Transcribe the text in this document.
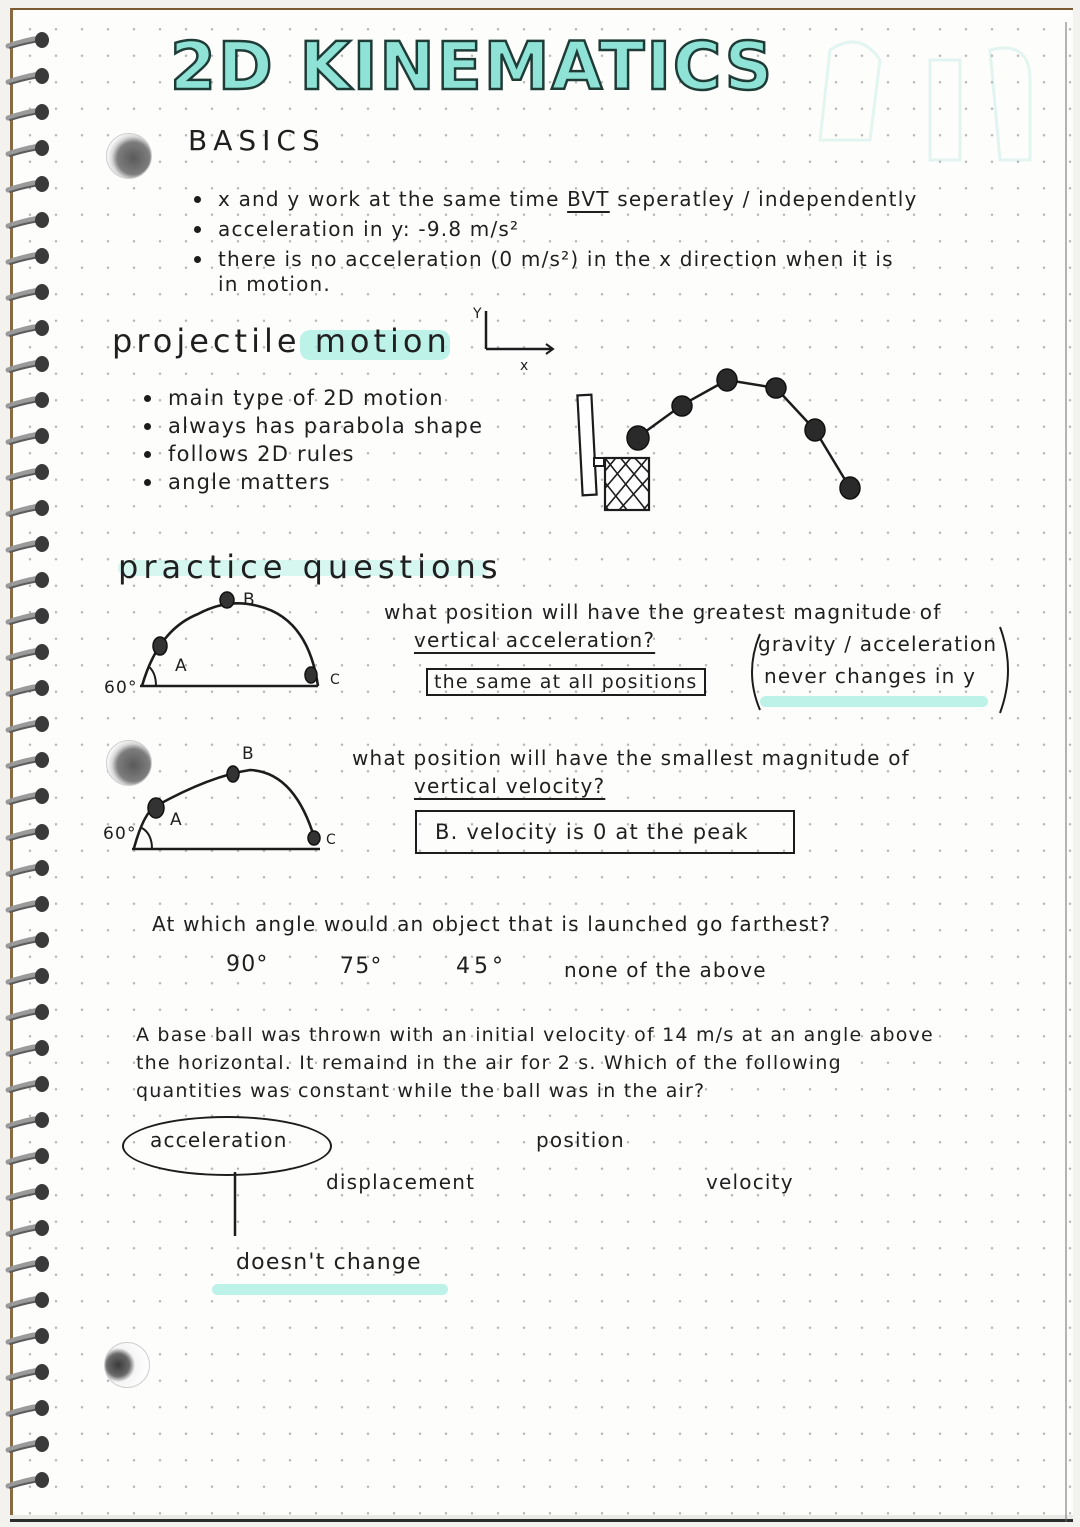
2D KINEMATICS
BASICS
x and y work at the same time BVT seperatley / independently
acceleration in y: -9.8 m/s²
there is no acceleration (0 m/s²) in the x direction when it is
in motion.
projectile motion
Y
x
main type of 2D motion
always has parabola shape
follows 2D rules
angle matters
practice questions
60°
A
B
C
what position will have the greatest magnitude of
vertical acceleration?
the same at all positions
gravity / acceleration
never changes in y
60°
A
B
C
what position will have the smallest magnitude of
vertical velocity?
B. velocity is 0 at the peak
At which angle would an object that is launched go farthest?
90°	75°	45°	none of the above
A base ball was thrown with an initial velocity of 14 m/s at an angle above
the horizontal. It remaind in the air for 2 s. Which of the following
quantities was constant while the ball was in the air?
acceleration	position
displacement	velocity
doesn't change
